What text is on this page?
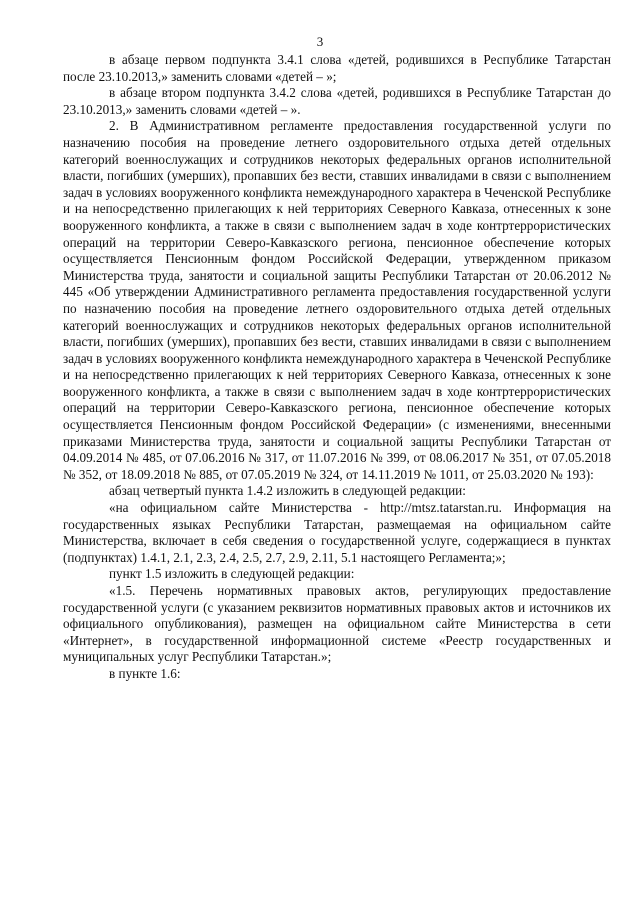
3

в абзаце первом подпункта 3.4.1 слова «детей, родившихся в Республике Татарстан после 23.10.2013,» заменить словами «детей – »;

в абзаце втором подпункта 3.4.2 слова «детей, родившихся в Республике Татарстан до 23.10.2013,» заменить словами «детей – ».

2. В Административном регламенте предоставления государственной услуги по назначению пособия на проведение летнего оздоровительного отдыха детей отдельных категорий военнослужащих и сотрудников некоторых федеральных органов исполнительной власти, погибших (умерших), пропавших без вести, ставших инвалидами в связи с выполнением задач в условиях вооруженного конфликта немеждународного характера в Чеченской Республике и на непосредственно прилегающих к ней территориях Северного Кавказа, отнесенных к зоне вооруженного конфликта, а также в связи с выполнением задач в ходе контртеррористических операций на территории Северо-Кавказского региона, пенсионное обеспечение которых осуществляется Пенсионным фондом Российской Федерации, утвержденном приказом Министерства труда, занятости и социальной защиты Республики Татарстан от 20.06.2012 № 445 «Об утверждении Административного регламента предоставления государственной услуги по назначению пособия на проведение летнего оздоровительного отдыха детей отдельных категорий военнослужащих и сотрудников некоторых федеральных органов исполнительной власти, погибших (умерших), пропавших без вести, ставших инвалидами в связи с выполнением задач в условиях вооруженного конфликта немеждународного характера в Чеченской Республике и на непосредственно прилегающих к ней территориях Северного Кавказа, отнесенных к зоне вооруженного конфликта, а также в связи с выполнением задач в ходе контртеррористических операций на территории Северо-Кавказского региона, пенсионное обеспечение которых осуществляется Пенсионным фондом Российской Федерации» (с изменениями, внесенными приказами Министерства труда, занятости и социальной защиты Республики Татарстан от 04.09.2014 № 485, от 07.06.2016 № 317, от 11.07.2016 № 399, от 08.06.2017 № 351, от 07.05.2018 № 352, от 18.09.2018 № 885, от 07.05.2019 № 324, от 14.11.2019 № 1011, от 25.03.2020 № 193):

абзац четвертый пункта 1.4.2 изложить в следующей редакции:

«на официальном сайте Министерства - http://mtsz.tatarstan.ru. Информация на государственных языках Республики Татарстан, размещаемая на официальном сайте Министерства, включает в себя сведения о государственной услуге, содержащиеся в пунктах (подпунктах) 1.4.1, 2.1, 2.3, 2.4, 2.5, 2.7, 2.9, 2.11, 5.1 настоящего Регламента;»;

пункт 1.5 изложить в следующей редакции:

«1.5. Перечень нормативных правовых актов, регулирующих предоставление государственной услуги (с указанием реквизитов нормативных правовых актов и источников их официального опубликования), размещен на официальном сайте Министерства в сети «Интернет», в государственной информационной системе «Реестр государственных и муниципальных услуг Республики Татарстан.»;

в пункте 1.6:
